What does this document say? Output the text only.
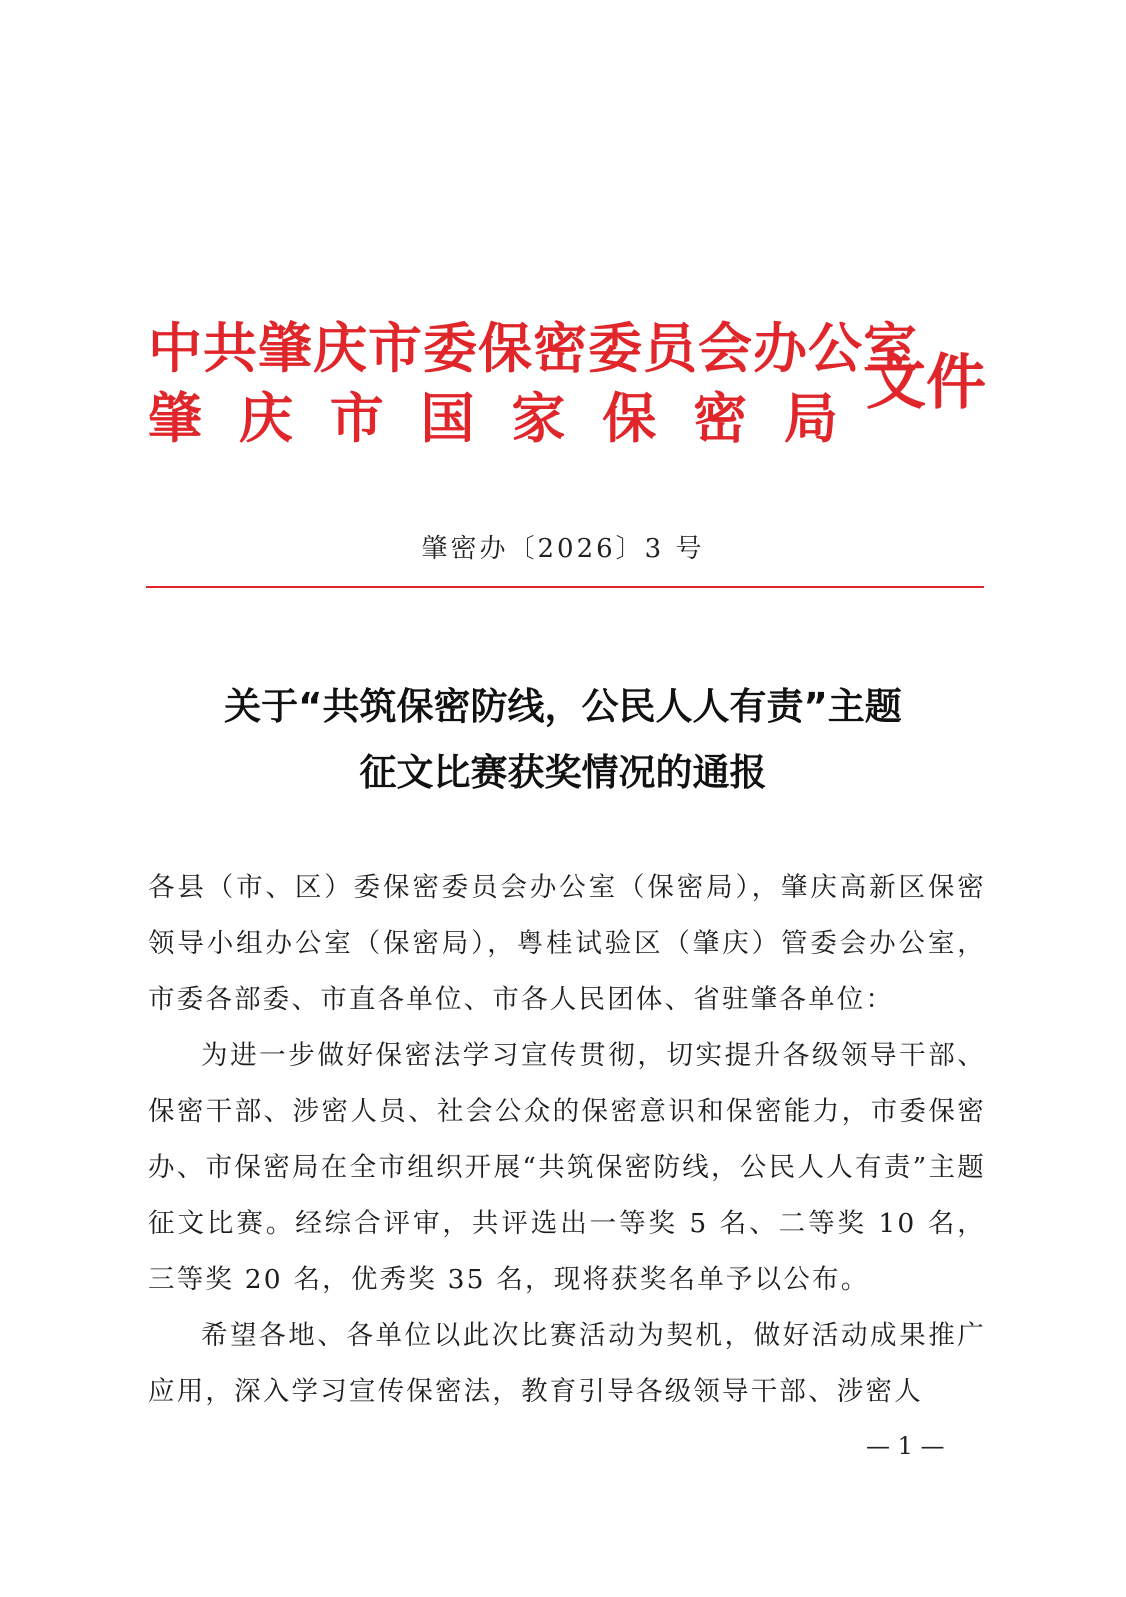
中共肇庆市委保密委员会办公室
肇 庆 市 国 家 保 密 局 文件
肇密办〔2026〕3 号
关于“共筑保密防线，公民人人有责”主题
征文比赛获奖情况的通报

各县（市、区）委保密委员会办公室（保密局），肇庆高新区保密领导小组办公室（保密局），粤桂试验区（肇庆）管委会办公室，市委各部委、市直各单位、市各人民团体、省驻肇各单位：

为进一步做好保密法学习宣传贯彻，切实提升各级领导干部、保密干部、涉密人员、社会公众的保密意识和保密能力，市委保密办、市保密局在全市组织开展“共筑保密防线，公民人人有责”主题征文比赛。经综合评审，共评选出一等奖 5 名、二等奖 10 名，三等奖 20 名，优秀奖 35 名，现将获奖名单予以公布。

希望各地、各单位以此次比赛活动为契机，做好活动成果推广应用，深入学习宣传保密法，教育引导各级领导干部、涉密人

— 1 —
